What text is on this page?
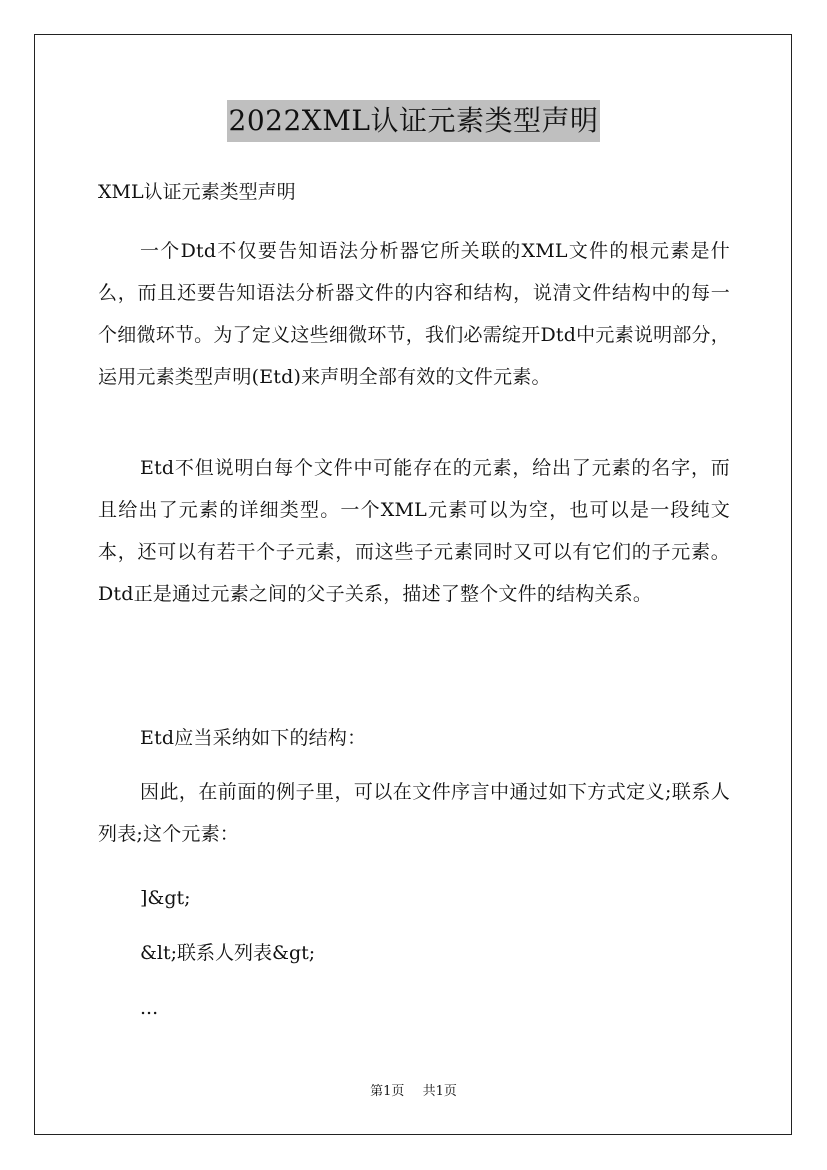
2022XML认证元素类型声明
XML认证元素类型声明

一个Dtd不仅要告知语法分析器它所关联的XML文件的根元素是什么，而且还要告知语法分析器文件的内容和结构，说清文件结构中的每一个细微环节。为了定义这些细微环节，我们必需绽开Dtd中元素说明部分，运用元素类型声明(Etd)来声明全部有效的文件元素。

Etd不但说明白每个文件中可能存在的元素，给出了元素的名字，而且给出了元素的详细类型。一个XML元素可以为空，也可以是一段纯文本，还可以有若干个子元素，而这些子元素同时又可以有它们的子元素。Dtd正是通过元素之间的父子关系，描述了整个文件的结构关系。

Etd应当采纳如下的结构：

因此，在前面的例子里，可以在文件序言中通过如下方式定义;联系人列表;这个元素：

]&gt;
&lt;联系人列表&gt;
...
第1页 共1页
